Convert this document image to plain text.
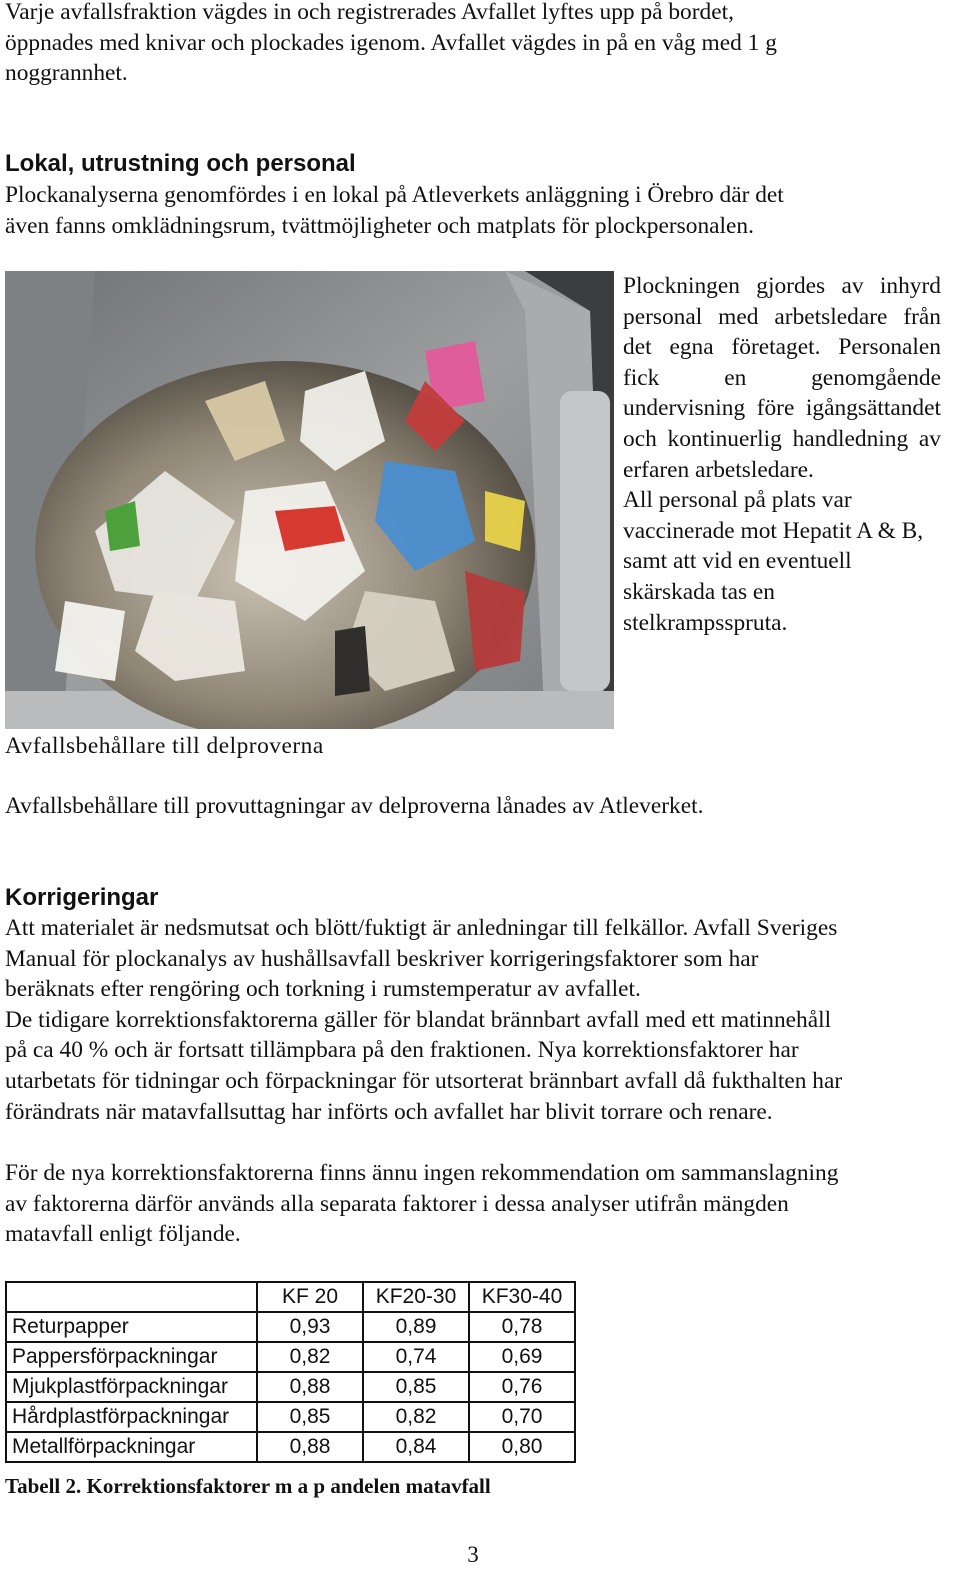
Varje avfallsfraktion vägdes in och registrerades Avfallet lyftes upp på bordet,
öppnades med knivar och plockades igenom. Avfallet vägdes in på en våg med 1 g
noggrannhet.
Lokal, utrustning och personal
Plockanalyserna genomfördes i en lokal på Atleverkets anläggning i Örebro där det
även fanns omklädningsrum, tvättmöjligheter och matplats för plockpersonalen.

Plockningen gjordes av inhyrd personal med arbetsledare från det egna företaget. Personalen fick en genomgående undervisning före igångsättandet och kontinuerlig handledning av erfaren arbetsledare.

All personal på plats var vaccinerade mot Hepatit A & B, samt att vid en eventuell skärskada tas en stelkrampsspruta.

Avfallsbehållare till delproverna
Avfallsbehållare till provuttagningar av delproverna lånades av Atleverket.
Korrigeringar
Att materialet är nedsmutsat och blött/fuktigt är anledningar till felkällor. Avfall Sveriges
Manual för plockanalys av hushållsavfall beskriver korrigeringsfaktorer som har
beräknats efter rengöring och torkning i rumstemperatur av avfallet.
De tidigare korrektionsfaktorerna gäller för blandat brännbart avfall med ett matinnehåll
på ca 40 % och är fortsatt tillämpbara på den fraktionen. Nya korrektionsfaktorer har
utarbetats för tidningar och förpackningar för utsorterat brännbart avfall då fukthalten har
förändrats när matavfallsuttag har införts och avfallet har blivit torrare och renare.
För de nya korrektionsfaktorerna finns ännu ingen rekommendation om sammanslagning
av faktorerna därför används alla separata faktorer i dessa analyser utifrån mängden
matavfall enligt följande.
	KF 20	KF20-30	KF30-40
Returpapper	0,93	0,89	0,78
Pappersförpackningar	0,82	0,74	0,69
Mjukplastförpackningar	0,88	0,85	0,76
Hårdplastförpackningar	0,85	0,82	0,70
Metallförpackningar	0,88	0,84	0,80
Tabell 2. Korrektionsfaktorer m a p andelen matavfall
3
